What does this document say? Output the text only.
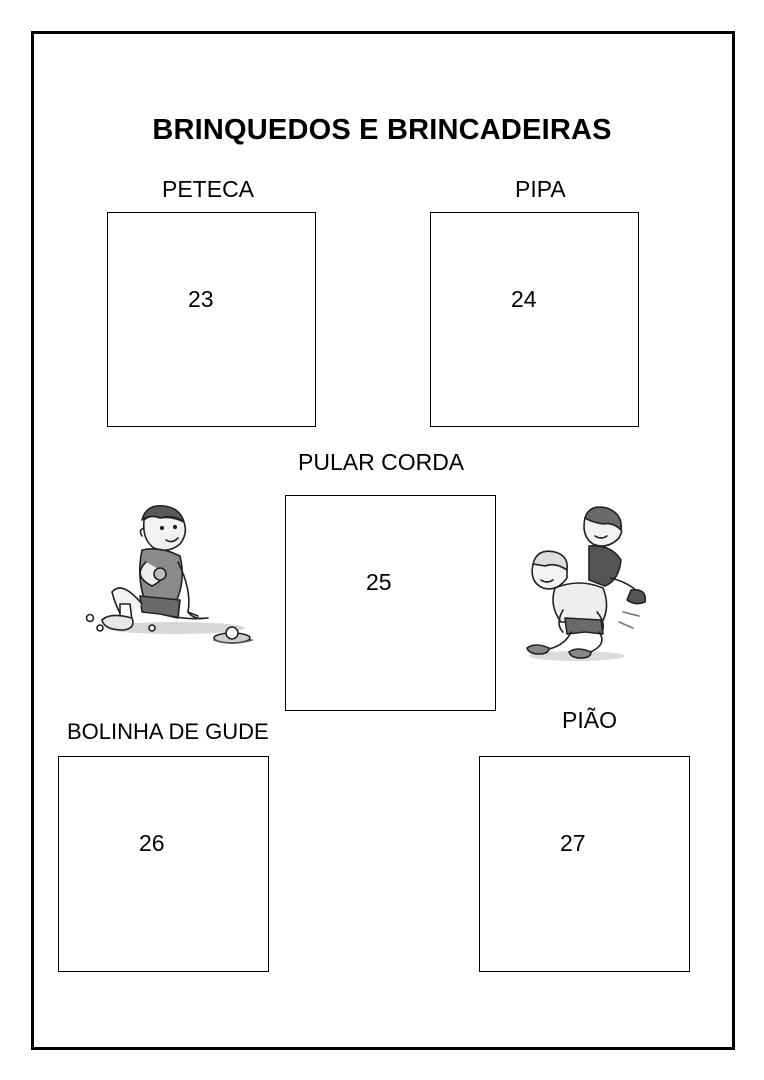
BRINQUEDOS E BRINCADEIRAS
PETECA
23
PIPA
24
PULAR CORDA
25
BOLINHA DE GUDE
26
PIÃO
27
